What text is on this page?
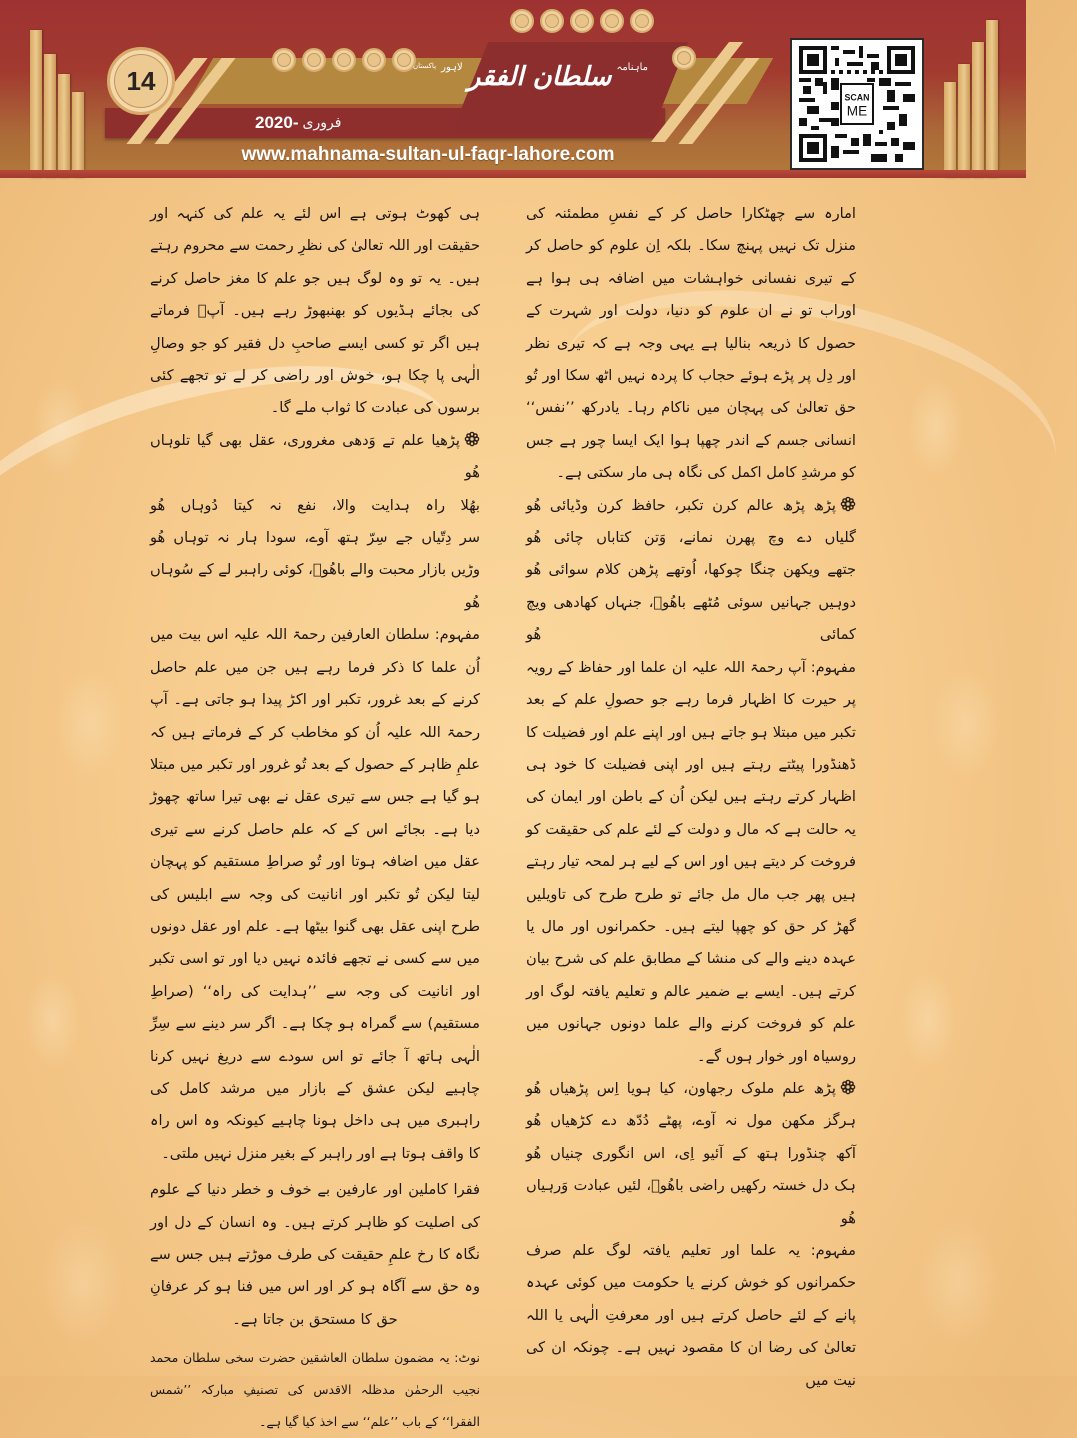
14
2020- فروری
$^{ماہنامہ}$ سلطان الفقر $^{لاہور}$ $^{پاکستان}$
www.mahnama-sultan-ul-faqr-lahore.com
SCAN
ME

امارہ سے چھٹکارا حاصل کر کے نفسِ مطمئنہ کی منزل تک نہیں پہنچ سکا۔ بلکہ اِن علوم کو حاصل کر کے تیری نفسانی خواہشات میں اضافہ ہی ہوا ہے اوراب تو نے ان علوم کو دنیا، دولت اور شہرت کے حصول کا ذریعہ بنالیا ہے یہی وجہ ہے کہ تیری نظر اور دِل پر پڑے ہوئے حجاب کا پردہ نہیں اٹھ سکا اور تُو حق تعالیٰ کی پہچان میں ناکام رہا۔ یادرکھ ’’نفس‘‘ انسانی جسم کے اندر چھپا ہوا ایک ایسا چور ہے جس کو مرشدِ کامل اکمل کی نگاہ ہی مار سکتی ہے۔

پڑھ پڑھ عالم کرن تکبر، حافظ کرن وڈیائی ھُو
گلیاں دے وچ پھرن نمانے، وَتن کتاباں چائی ھُو
جتھے ویکھن چنگا چوکھا، اُوتھے پڑھن کلام سوائی ھُو
دوہیں جہانیں سوئی مُٹھے باھُوؒ، جنہاں کھادھی ویچ کمائی ھُو

مفہوم: آپ رحمۃ اللہ علیہ ان علما اور حفاظ کے رویہ پر حیرت کا اظہار فرما رہے جو حصولِ علم کے بعد تکبر میں مبتلا ہو جاتے ہیں اور اپنے علم اور فضیلت کا ڈھنڈورا پیٹتے رہتے ہیں اور اپنی فضیلت کا خود ہی اظہار کرتے رہتے ہیں لیکن اُن کے باطن اور ایمان کی یہ حالت ہے کہ مال و دولت کے لئے علم کی حقیقت کو فروخت کر دیتے ہیں اور اس کے لیے ہر لمحہ تیار رہتے ہیں پھر جب مال مل جائے تو طرح طرح کی تاویلیں گھڑ کر حق کو چھپا لیتے ہیں۔ حکمرانوں اور مال یا عہدہ دینے والے کی منشا کے مطابق علم کی شرح بیان کرتے ہیں۔ ایسے بے ضمیر عالم و تعلیم یافتہ لوگ اور علم کو فروخت کرنے والے علما دونوں جہانوں میں روسیاہ اور خوار ہوں گے۔

پڑھ علم ملوک رجھاون، کیا ہویا اِس پڑھیاں ھُو
ہرگز مکھن مول نہ آوے، پھٹے دُدّھ دے کڑھیاں ھُو
آکھ چنڈورا ہتھ کے آئیو اِی، اس انگوری چنیاں ھُو
ہک دل خستہ رکھیں راضی باھُوؒ، لئیں عبادت وَرہیاں ھُو

مفہوم: یہ علما اور تعلیم یافتہ لوگ علم صرف حکمرانوں کو خوش کرنے یا حکومت میں کوئی عہدہ پانے کے لئے حاصل کرتے ہیں اور معرفتِ الٰہی یا اللہ تعالیٰ کی رضا ان کا مقصود نہیں ہے۔ چونکہ ان کی نیت میں

ہی کھوٹ ہوتی ہے اس لئے یہ علم کی کنہہ اور حقیقت اور اللہ تعالیٰ کی نظرِ رحمت سے محروم رہتے ہیں۔ یہ تو وہ لوگ ہیں جو علم کا مغز حاصل کرنے کی بجائے ہڈیوں کو بھنبھوڑ رہے ہیں۔ آپؒ فرماتے ہیں اگر تو کسی ایسے صاحبِ دل فقیر کو جو وصالِ الٰہی پا چکا ہو، خوش اور راضی کر لے تو تجھے کئی برسوں کی عبادت کا ثواب ملے گا۔

پڑھیا علم تے وَدھی مغروری، عقل بھی گیا تلوہاں ھُو
بھُلا راہ ہدایت والا، نفع نہ کیتا دُوہاں ھُو
سر دِتّیاں جے سِرّ ہتھ آوے، سودا ہار نہ توہاں ھُو
وڑیں بازار محبت والے باھُوؒ، کوئی راہبر لے کے سُوہاں ھُو

مفہوم: سلطان العارفین رحمۃ اللہ علیہ اس بیت میں اُن علما کا ذکر فرما رہے ہیں جن میں علم حاصل کرنے کے بعد غرور، تکبر اور اکڑ پیدا ہو جاتی ہے۔ آپ رحمۃ اللہ علیہ اُن کو مخاطب کر کے فرماتے ہیں کہ علمِ ظاہر کے حصول کے بعد تُو غرور اور تکبر میں مبتلا ہو گیا ہے جس سے تیری عقل نے بھی تیرا ساتھ چھوڑ دیا ہے۔ بجائے اس کے کہ علم حاصل کرنے سے تیری عقل میں اضافہ ہوتا اور تُو صراطِ مستقیم کو پہچان لیتا لیکن تُو تکبر اور انانیت کی وجہ سے ابلیس کی طرح اپنی عقل بھی گنوا بیٹھا ہے۔ علم اور عقل دونوں میں سے کسی نے تجھے فائدہ نہیں دیا اور تو اسی تکبر اور انانیت کی وجہ سے ’’ہدایت کی راہ‘‘ (صراطِ مستقیم) سے گمراہ ہو چکا ہے۔ اگر سر دینے سے سِرِّ الٰہی ہاتھ آ جائے تو اس سودے سے دریغ نہیں کرنا چاہیے لیکن عشق کے بازار میں مرشد کامل کی راہبری میں ہی داخل ہونا چاہیے کیونکہ وہ اس راہ کا واقف ہوتا ہے اور راہبر کے بغیر منزل نہیں ملتی۔

فقرا کاملین اور عارفین بے خوف و خطر دنیا کے علوم کی اصلیت کو ظاہر کرتے ہیں۔ وہ انسان کے دل اور نگاہ کا رخ علمِ حقیقت کی طرف موڑتے ہیں جس سے وہ حق سے آگاہ ہو کر اور اس میں فنا ہو کر عرفانِ حق کا مستحق بن جاتا ہے۔

نوٹ: یہ مضمون سلطان العاشقین حضرت سخی سلطان محمد نجیب الرحمٰن مدظلہ الاقدس کی تصنیفِ مبارکہ ’’شمس الفقرا‘‘ کے باب ’’علم‘‘ سے اخذ کیا گیا ہے۔
